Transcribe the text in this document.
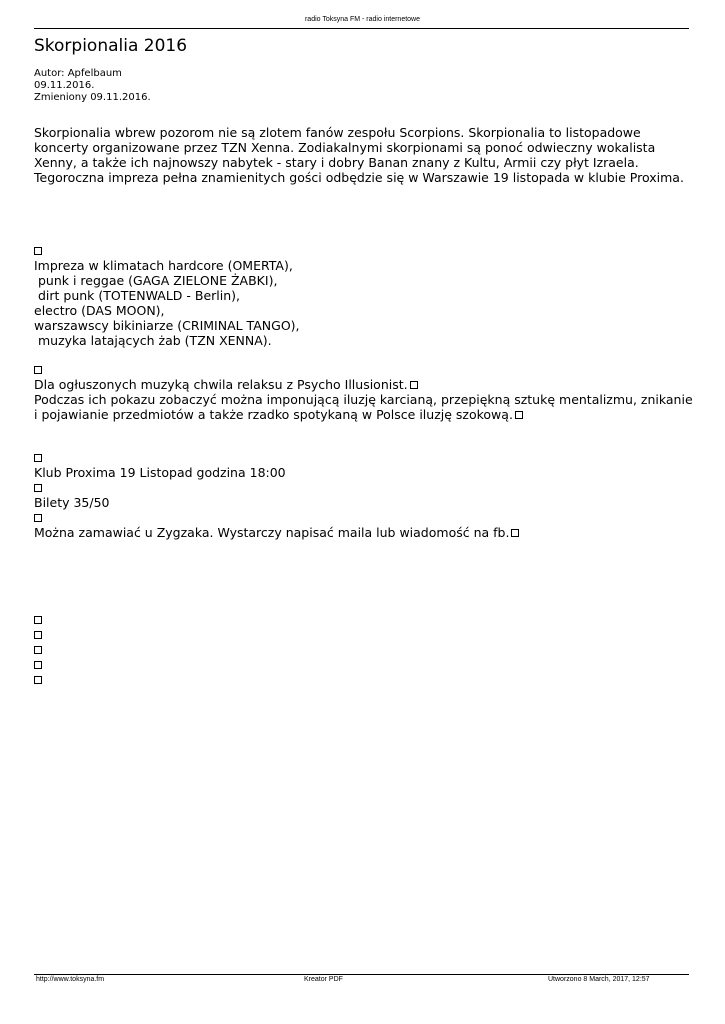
radio Toksyna FM - radio internetowe
Skorpionalia 2016
Autor: Apfelbaum
09.11.2016.
Zmieniony 09.11.2016.
Skorpionalia wbrew pozorom nie są zlotem fanów zespołu Scorpions. Skorpionalia to listopadowe
koncerty organizowane przez TZN Xenna. Zodiakalnymi skorpionami są ponoć odwieczny wokalista
Xenny, a także ich najnowszy nabytek - stary i dobry Banan znany z Kultu, Armii czy płyt Izraela.
Tegoroczna impreza pełna znamienitych gości odbędzie się w Warszawie 19 listopada w klubie Proxima.
Impreza w klimatach hardcore (OMERTA),
punk i reggae (GAGA ZIELONE ŻABKI),
dirt punk (TOTENWALD - Berlin),
electro (DAS MOON),
warszawscy bikiniarze (CRIMINAL TANGO),
muzyka latających żab (TZN XENNA).
Dla ogłuszonych muzyką chwila relaksu z Psycho Illusionist.
Podczas ich pokazu zobaczyć można imponującą iluzję karcianą, przepiękną sztukę mentalizmu, znikanie
i pojawianie przedmiotów a także rzadko spotykaną w Polsce iluzję szokową.
Klub Proxima 19 Listopad godzina 18:00
Bilety 35/50
Można zamawiać u Zygzaka. Wystarczy napisać maila lub wiadomość na fb.
http://www.toksyna.fm	Kreator PDF	Utworzono 8 March, 2017, 12:57
